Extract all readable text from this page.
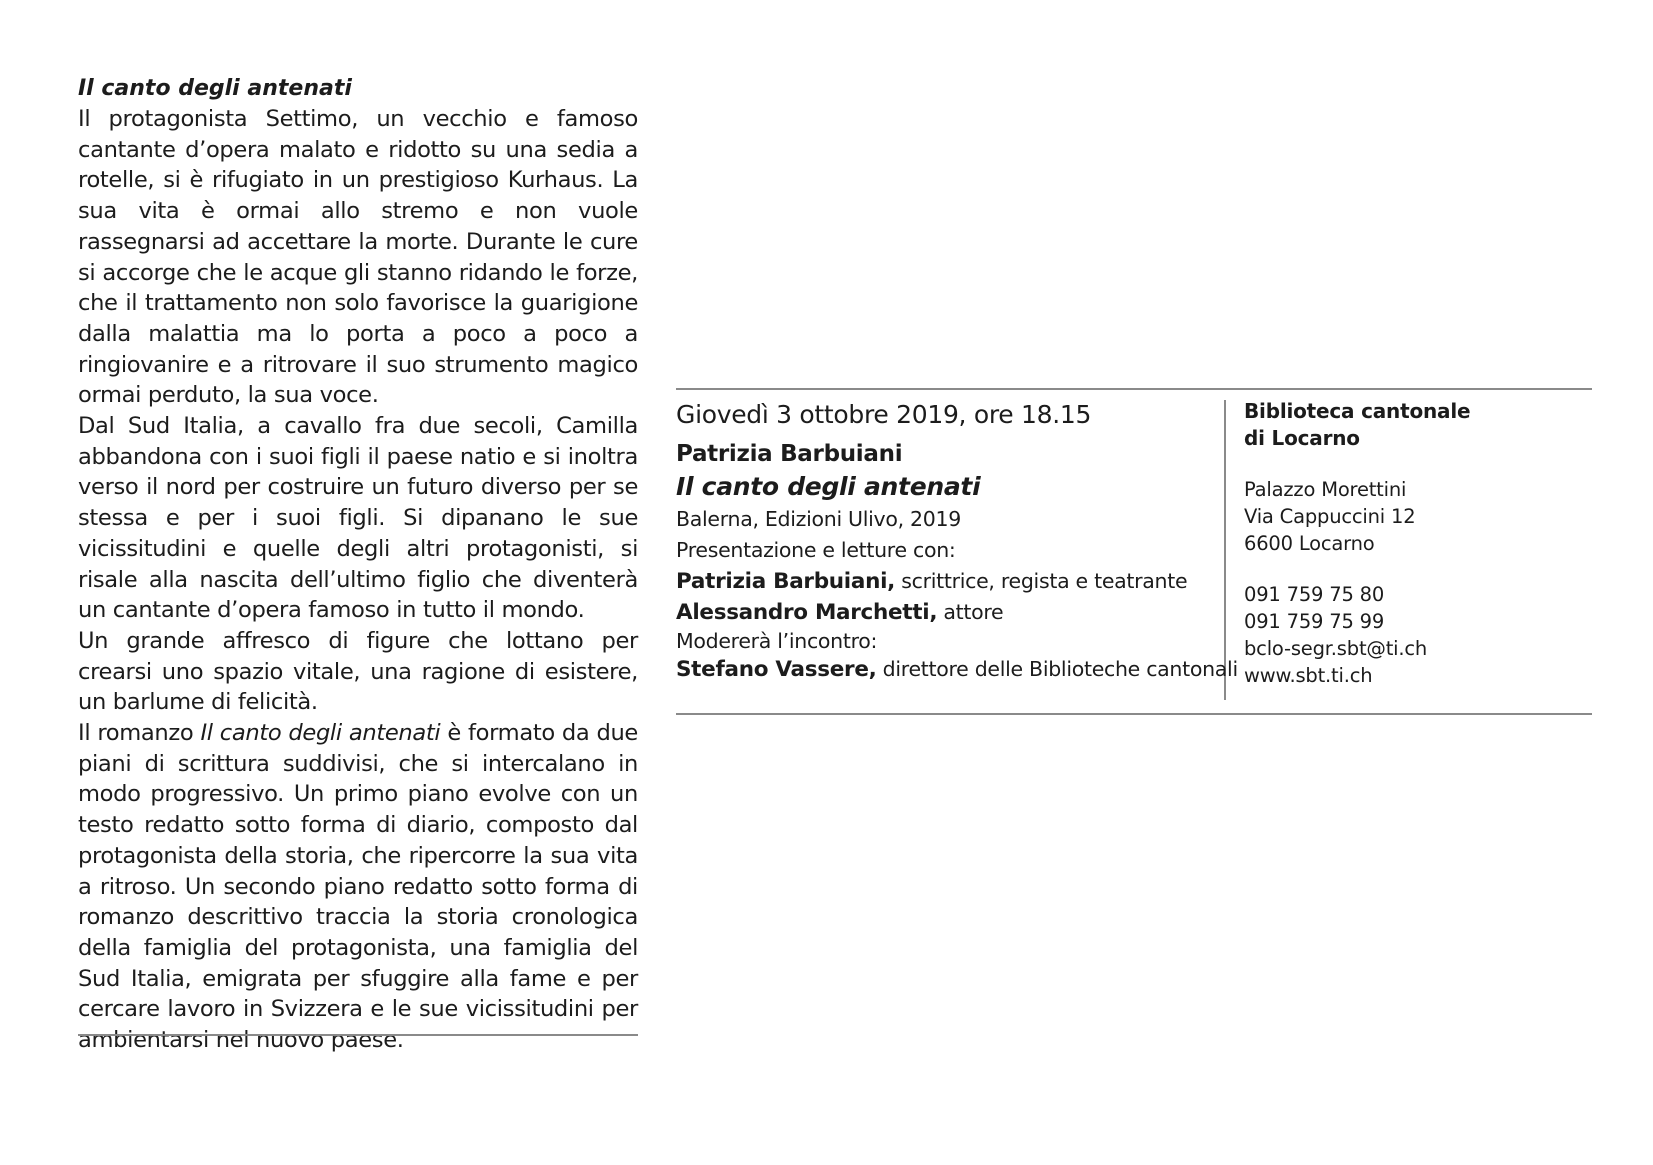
Il canto degli antenati

Il protagonista Settimo, un vecchio e famoso cantante d’opera malato e ridotto su una sedia a rotelle, si è rifugiato in un prestigioso Kurhaus. La sua vita è ormai allo stremo e non vuole rassegnarsi ad accettare la morte. Durante le cure si accorge che le acque gli stanno ridando le forze, che il trattamento non solo favorisce la guarigione dalla malattia ma lo porta a poco a poco a ringiovanire e a ritrovare il suo strumento magico ormai perduto, la sua voce.

Dal Sud Italia, a cavallo fra due secoli, Camilla abbandona con i suoi figli il paese natio e si inoltra verso il nord per costruire un futuro diverso per se stessa e per i suoi figli. Si dipanano le sue vicissitudini e quelle degli altri protagonisti, si risale alla nascita dell’ultimo figlio che diventerà un cantante d’opera famoso in tutto il mondo.

Un grande affresco di figure che lottano per crearsi uno spazio vitale, una ragione di esistere, un barlume di felicità.

Il romanzo Il canto degli antenati è formato da due piani di scrittura suddivisi, che si intercalano in modo progressivo. Un primo piano evolve con un testo redatto sotto forma di diario, composto dal protagonista della storia, che ripercorre la sua vita a ritroso. Un secondo piano redatto sotto forma di romanzo descrittivo traccia la storia cronologica della famiglia del protagonista, una famiglia del Sud Italia, emigrata per sfuggire alla fame e per cercare lavoro in Svizzera e le sue vicissitudini per ambientarsi nel nuovo paese.

Giovedì 3 ottobre 2019, ore 18.15
Patrizia Barbuiani
Il canto degli antenati
Balerna, Edizioni Ulivo, 2019
Presentazione e letture con:
Patrizia Barbuiani, scrittrice, regista e teatrante
Alessandro Marchetti, attore
Modererà l’incontro:
Stefano Vassere, direttore delle Biblioteche cantonali
Biblioteca cantonale
di Locarno
Palazzo Morettini
Via Cappuccini 12
6600 Locarno
091 759 75 80
091 759 75 99
bclo-segr.sbt@ti.ch
www.sbt.ti.ch
